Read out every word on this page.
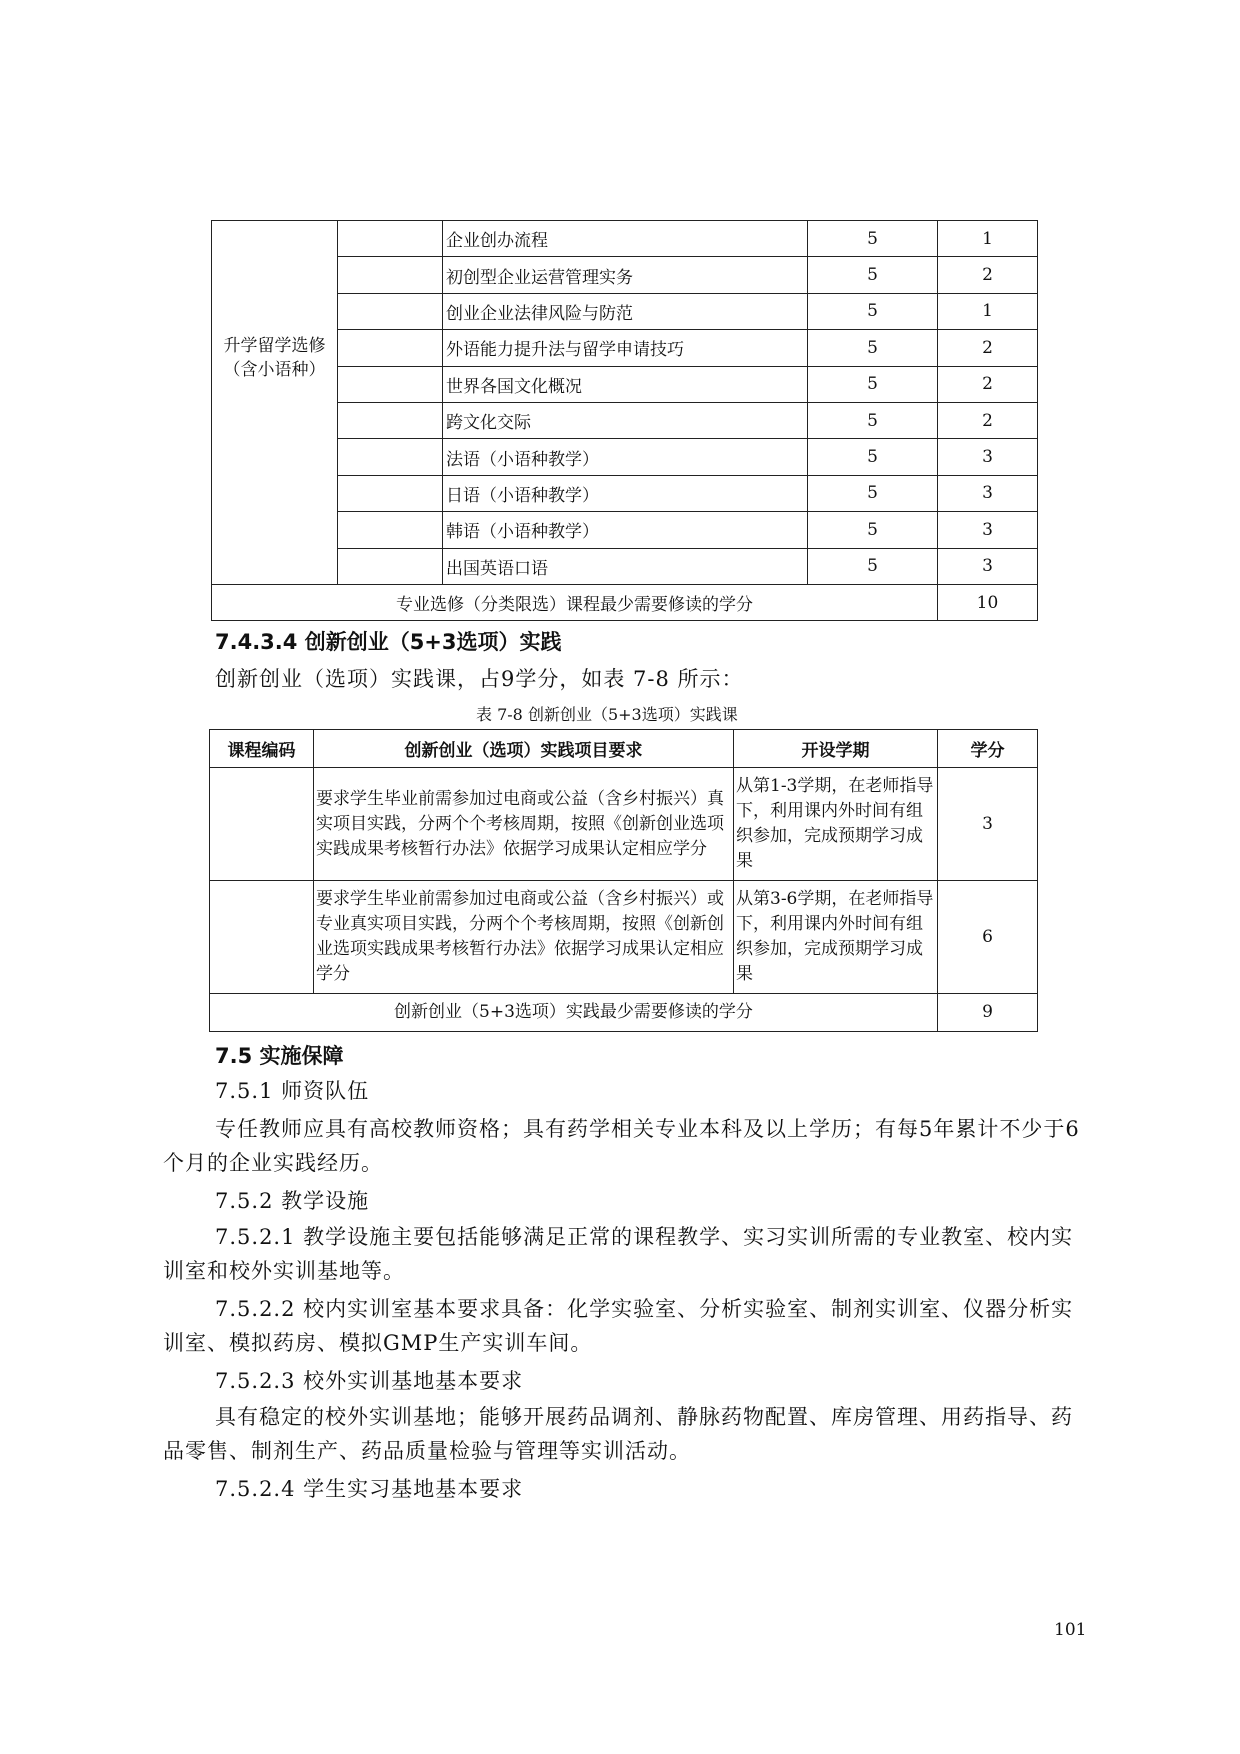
		企业创办流程	5	1
		初创型企业运营管理实务	5	2
		创业企业法律风险与防范	5	1

升学留学选修
（含小语种）		外语能力提升法与留学申请技巧	5	2
		世界各国文化概况	5	2
		跨文化交际	5	2
		法语（小语种教学）	5	3
		日语（小语种教学）	5	3
		韩语（小语种教学）	5	3
		出国英语口语	5	3
专业选修（分类限选）课程最少需要修读的学分				10
7.4.3.4 创新创业（5+3选项）实践

创新创业（选项）实践课，占9学分，如表 7-8 所示：

表 7-8 创新创业（5+3选项）实践课

课程编码	创新创业（选项）实践项目要求	开设学期	学分
	要求学生毕业前需参加过电商或公益（含乡村振兴）真实项目实践，分两个个考核周期，按照《创新创业选项实践成果考核暂行办法》依据学习成果认定相应学分	从第1-3学期，在老师指导下，利用课内外时间有组织参加，完成预期学习成果	3
	要求学生毕业前需参加过电商或公益（含乡村振兴）或专业真实项目实践，分两个个考核周期，按照《创新创业选项实践成果考核暂行办法》依据学习成果认定相应学分	从第3-6学期，在老师指导下，利用课内外时间有组织参加，完成预期学习成果	6
创新创业（5+3选项）实践最少需要修读的学分			9
7.5 实施保障

7.5.1 师资队伍

专任教师应具有高校教师资格；具有药学相关专业本科及以上学历；有每5年累计不少于6个月的企业实践经历。

7.5.2 教学设施

7.5.2.1 教学设施主要包括能够满足正常的课程教学、实习实训所需的专业教室、校内实训室和校外实训基地等。

7.5.2.2 校内实训室基本要求具备：化学实验室、分析实验室、制剂实训室、仪器分析实训室、模拟药房、模拟GMP生产实训车间。

7.5.2.3 校外实训基地基本要求

具有稳定的校外实训基地；能够开展药品调剂、静脉药物配置、库房管理、用药指导、药品零售、制剂生产、药品质量检验与管理等实训活动。

7.5.2.4 学生实习基地基本要求

101
